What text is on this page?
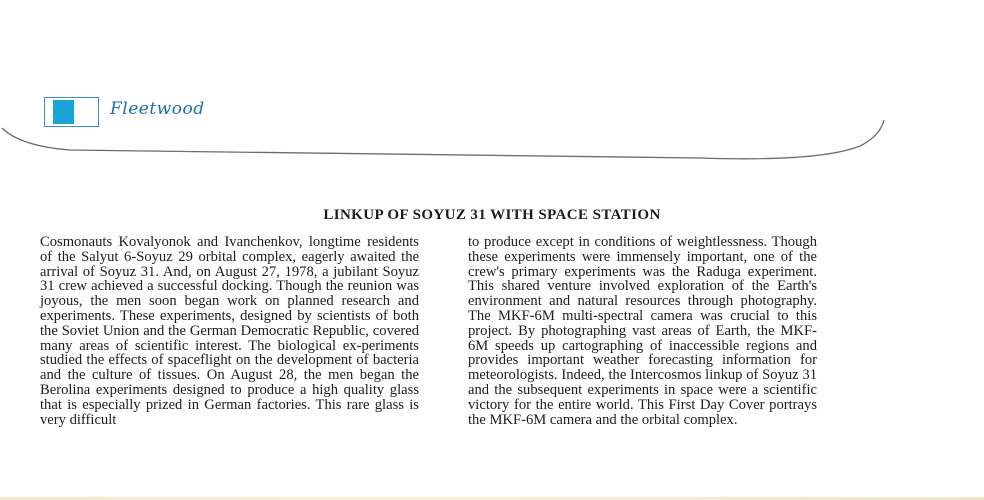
Fleetwood
LINKUP OF SOYUZ 31 WITH SPACE STATION
Cosmonauts Kovalyonok and Ivanchenkov, longtime residents of the Salyut 6-Soyuz 29 orbital complex, eagerly awaited the arrival of Soyuz 31. And, on August 27, 1978, a jubilant Soyuz 31 crew achieved a successful docking. Though the reunion was joyous, the men soon began work on planned research and experiments. These experiments, designed by scientists of both the Soviet Union and the German Democratic Republic, covered many areas of scientific interest. The biological ex-periments studied the effects of spaceflight on the development of bacteria and the culture of tissues. On August 28, the men began the Berolina experiments designed to produce a high quality glass that is especially prized in German factories. This rare glass is very difficult
to produce except in conditions of weightlessness. Though these experiments were immensely important, one of the crew's primary experiments was the Raduga experiment. This shared venture involved exploration of the Earth's environment and natural resources through photography. The MKF-6M multi-spectral camera was crucial to this project. By photographing vast areas of Earth, the MKF-6M speeds up cartographing of inaccessible regions and provides important weather forecasting information for meteorologists. Indeed, the Intercosmos linkup of Soyuz 31 and the subsequent experiments in space were a scientific victory for the entire world. This First Day Cover portrays the MKF-6M camera and the orbital complex.
